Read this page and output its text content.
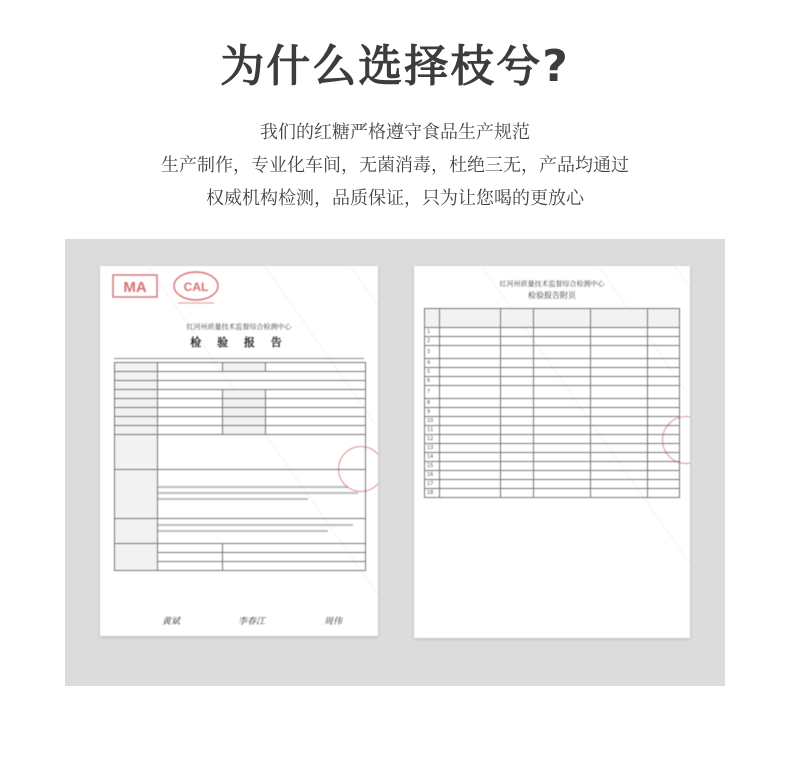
为什么选择枝兮?
我们的红糖严格遵守食品生产规范
生产制作，专业化车间，无菌消毒，杜绝三无，产品均通过
权威机构检测，品质保证，只为让您喝的更放心
MA	CAL
红河州质量技术监督综合检测中心
检 验 报 告

黄斌	李春江	周伟
红河州质量技术监督综合检测中心
检验报告附页

1					
2					
3					
4					
5					
6					
7					
8					
9					
10					
11					
12					
13					
14					
15					
16					
17					
18					
